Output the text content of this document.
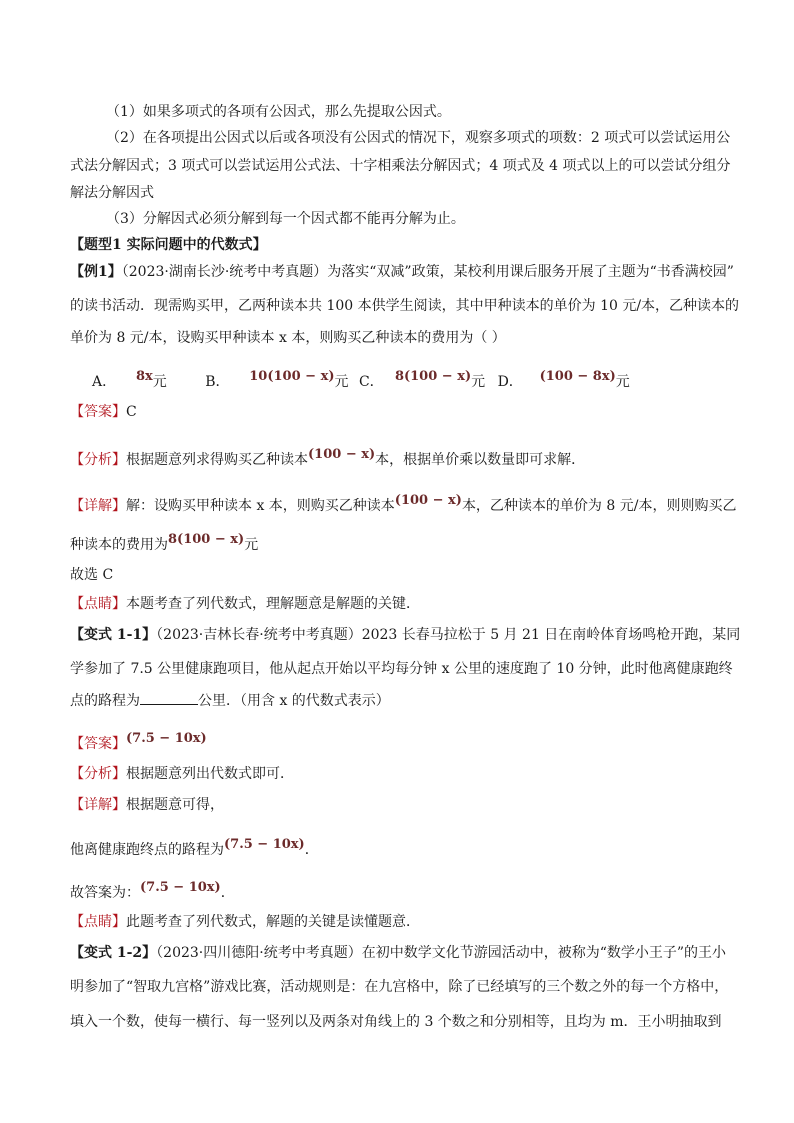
（1）如果多项式的各项有公因式，那么先提取公因式。
（2）在各项提出公因式以后或各项没有公因式的情况下，观察多项式的项数：2 项式可以尝试运用公
式法分解因式；3 项式可以尝试运用公式法、十字相乘法分解因式；4 项式及 4 项式以上的可以尝试分组分
解法分解因式
（3）分解因式必须分解到每一个因式都不能再分解为止。
【题型1 实际问题中的代数式】
【例1】（2023·湖南长沙·统考中考真题）为落实“双减”政策，某校利用课后服务开展了主题为“书香满校园”
的读书活动．现需购买甲，乙两种读本共 100 本供学生阅读，其中甲种读本的单价为 10 元/本，乙种读本的
单价为 8 元/本，设购买甲种读本 x 本，则购买乙种读本的费用为（ ）
A． 8x元	B． 10(100 − x)元 C． 8(100 − x)元 D． (100 − 8x)元
【答案】C
【分析】根据题意列求得购买乙种读本(100 − x)本，根据单价乘以数量即可求解．
【详解】解：设购买甲种读本 x 本，则购买乙种读本(100 − x)本，乙种读本的单价为 8 元/本，则则购买乙
种读本的费用为8(100 − x)元
故选 C
【点睛】本题考查了列代数式，理解题意是解题的关键．
【变式 1-1】（2023·吉林长春·统考中考真题）2023 长春马拉松于 5 月 21 日在南岭体育场鸣枪开跑，某同
学参加了 7.5 公里健康跑项目，他从起点开始以平均每分钟 x 公里的速度跑了 10 分钟，此时他离健康跑终
点的路程为	公里．（用含 x 的代数式表示）
【答案】(7.5 − 10x)
【分析】根据题意列出代数式即可．
【详解】根据题意可得，
他离健康跑终点的路程为(7.5 − 10x)．
故答案为：(7.5 − 10x)．
【点睛】此题考查了列代数式，解题的关键是读懂题意．
【变式 1-2】（2023·四川德阳·统考中考真题）在初中数学文化节游园活动中，被称为“数学小王子”的王小
明参加了“智取九宫格”游戏比赛，活动规则是：在九宫格中，除了已经填写的三个数之外的每一个方格中，
填入一个数，使每一横行、每一竖列以及两条对角线上的 3 个数之和分别相等，且均为 m．王小明抽取到
